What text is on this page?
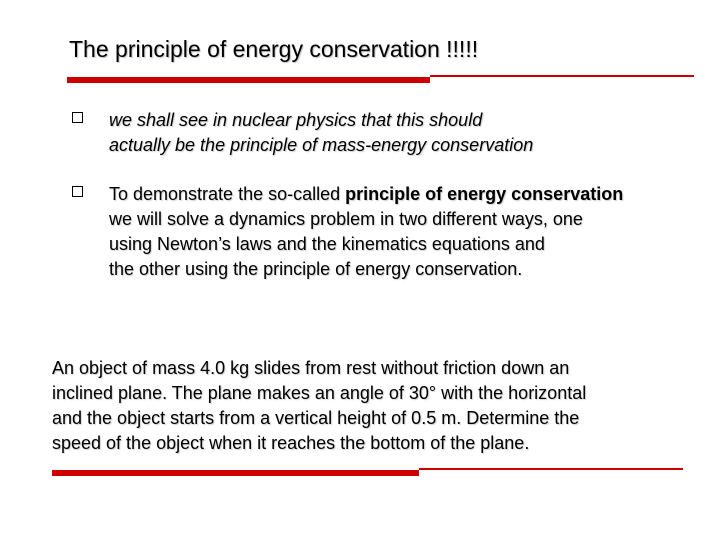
The principle of energy conservation !!!!!
we shall see in nuclear physics that this should
actually be the principle of mass-energy conservation
To demonstrate the so-called principle of energy conservation
we will solve a dynamics problem in two different ways, one
using Newton’s laws and the kinematics equations and
the other using the principle of energy conservation.
An object of mass 4.0 kg slides from rest without friction down an
inclined plane. The plane makes an angle of 30° with the horizontal
and the object starts from a vertical height of 0.5 m. Determine the
speed of the object when it reaches the bottom of the plane.
